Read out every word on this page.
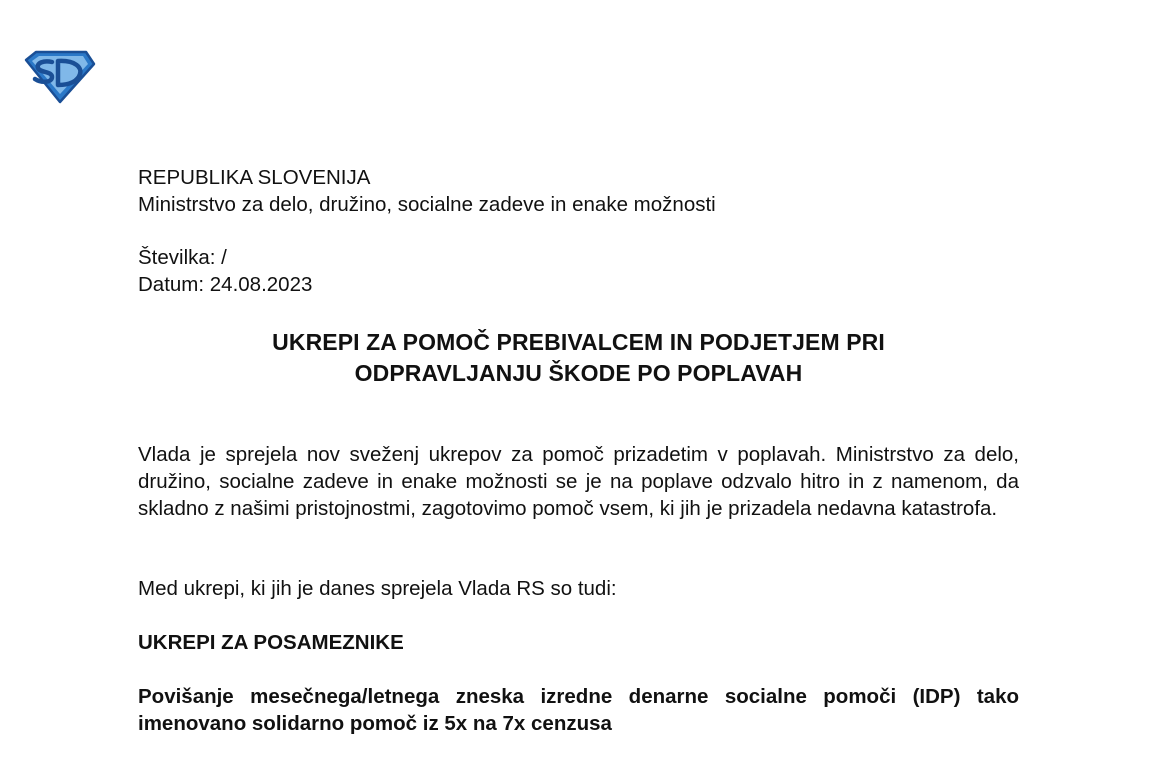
REPUBLIKA SLOVENIJA
Ministrstvo za delo, družino, socialne zadeve in enake možnosti
Številka: /
Datum: 24.08.2023
UKREPI ZA POMOČ PREBIVALCEM IN PODJETJEM PRI
ODPRAVLJANJU ŠKODE PO POPLAVAH
Vlada je sprejela nov sveženj ukrepov za pomoč prizadetim v poplavah. Ministrstvo za delo, družino, socialne zadeve in enake možnosti se je na poplave odzvalo hitro in z namenom, da skladno z našimi pristojnostmi, zagotovimo pomoč vsem, ki jih je prizadela nedavna katastrofa.
Med ukrepi, ki jih je danes sprejela Vlada RS so tudi:
UKREPI ZA POSAMEZNIKE
Povišanje mesečnega/letnega zneska izredne denarne socialne pomoči (IDP) tako imenovano solidarno pomoč iz 5x na 7x cenzusa
